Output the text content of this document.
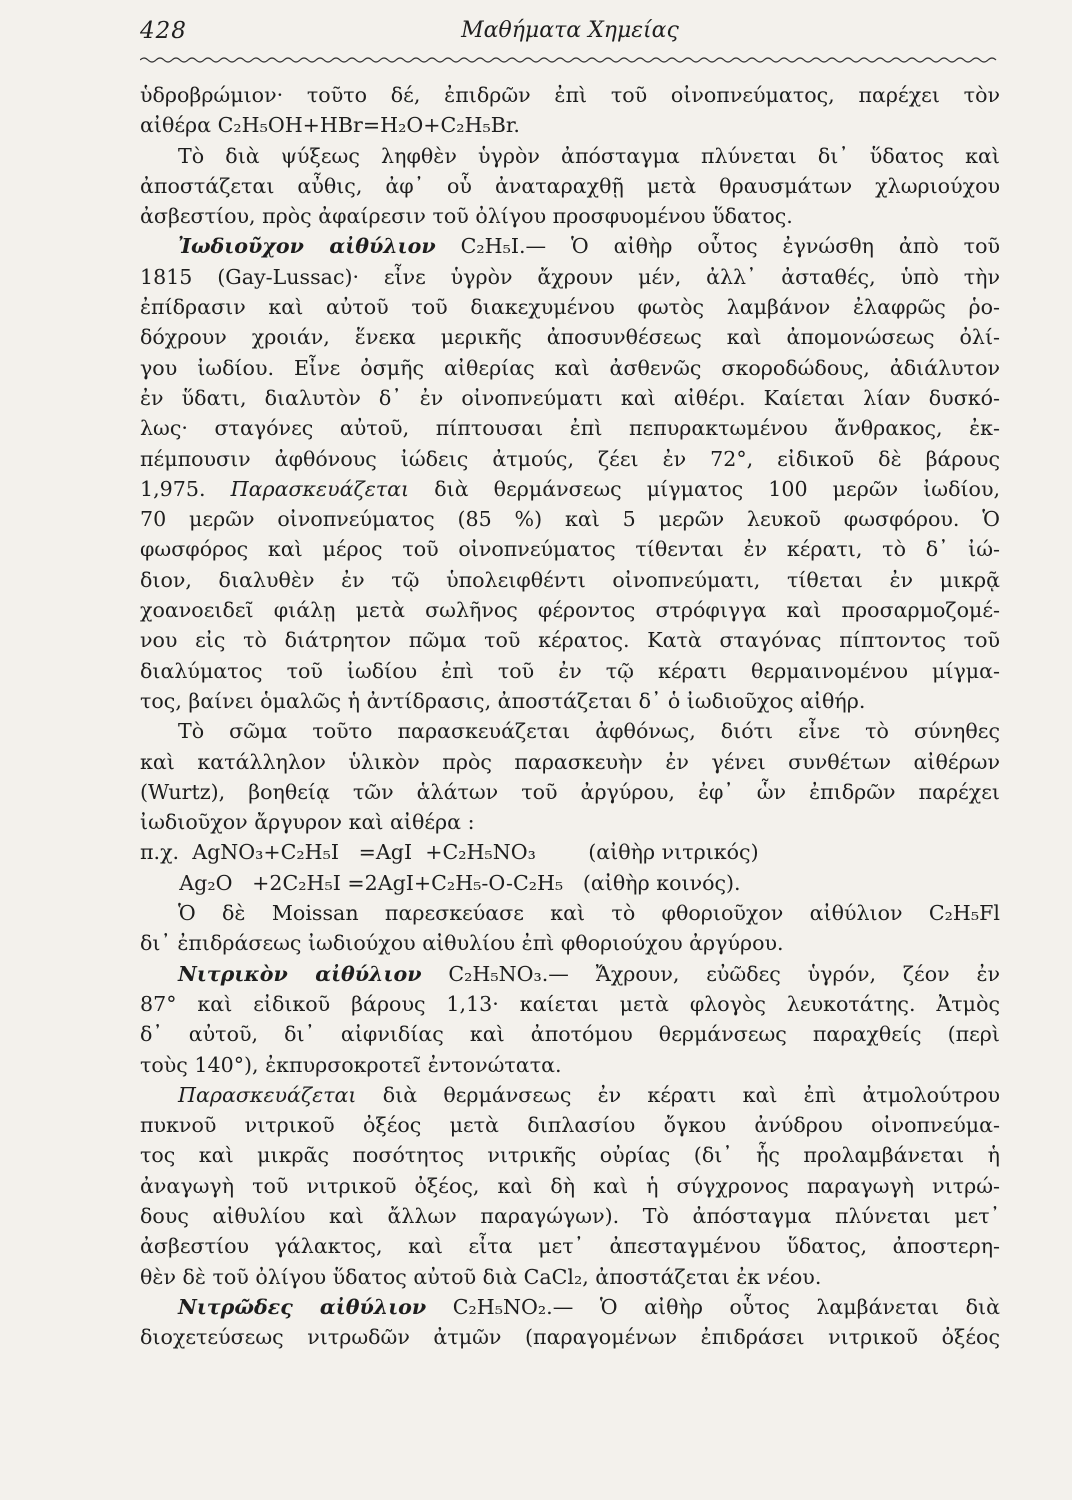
428	Μαθήματα Χημείας
ὑδροβρώμιον· τοῦτο δέ, ἐπιδρῶν ἐπὶ τοῦ οἰνοπνεύματος, παρέχει τὸν
αἰθέρα C₂H₅OH+HBr=H₂O+C₂H₅Br.
Τὸ διὰ ψύξεως ληφθὲν ὑγρὸν ἀπόσταγμα πλύνεται δι᾿ ὕδατος καὶ
ἀποστάζεται αὖθις, ἀφ᾿ οὗ ἀναταραχθῇ μετὰ θραυσμάτων χλωριούχου
ἀσβεστίου, πρὸς ἀφαίρεσιν τοῦ ὀλίγου προσφυομένου ὕδατος.
Ἰωδιοῦχον αἰθύλιον C₂H₅I.— Ὁ αἰθὴρ οὗτος ἐγνώσθη ἀπὸ τοῦ
1815 (Gay-Lussac)· εἶνε ὑγρὸν ἄχρουν μέν, ἀλλ᾿ ἀσταθές, ὑπὸ τὴν
ἐπίδρασιν καὶ αὐτοῦ τοῦ διακεχυμένου φωτὸς λαμβάνον ἐλαφρῶς ῥο-
δόχρουν χροιάν, ἕνεκα μερικῆς ἀποσυνθέσεως καὶ ἀπομονώσεως ὀλί-
γου ἰωδίου. Εἶνε ὀσμῆς αἰθερίας καὶ ἀσθενῶς σκοροδώδους, ἀδιάλυτον
ἐν ὕδατι, διαλυτὸν δ᾿ ἐν οἰνοπνεύματι καὶ αἰθέρι. Καίεται λίαν δυσκό-
λως· σταγόνες αὐτοῦ, πίπτουσαι ἐπὶ πεπυρακτωμένου ἄνθρακος, ἐκ-
πέμπουσιν ἀφθόνους ἰώδεις ἀτμούς, ζέει ἐν 72°, εἰδικοῦ δὲ βάρους
1,975. Παρασκευάζεται διὰ θερμάνσεως μίγματος 100 μερῶν ἰωδίου,
70 μερῶν οἰνοπνεύματος (85 %) καὶ 5 μερῶν λευκοῦ φωσφόρου. Ὁ
φωσφόρος καὶ μέρος τοῦ οἰνοπνεύματος τίθενται ἐν κέρατι, τὸ δ᾿ ἰώ-
διον, διαλυθὲν ἐν τῷ ὑπολειφθέντι οἰνοπνεύματι, τίθεται ἐν μικρᾷ
χοανοειδεῖ φιάλῃ μετὰ σωλῆνος φέροντος στρόφιγγα καὶ προσαρμοζομέ-
νου εἰς τὸ διάτρητον πῶμα τοῦ κέρατος. Κατὰ σταγόνας πίπτοντος τοῦ
διαλύματος τοῦ ἰωδίου ἐπὶ τοῦ ἐν τῷ κέρατι θερμαινομένου μίγμα-
τος, βαίνει ὁμαλῶς ἡ ἀντίδρασις, ἀποστάζεται δ᾿ ὁ ἰωδιοῦχος αἰθήρ.
Τὸ σῶμα τοῦτο παρασκευάζεται ἀφθόνως, διότι εἶνε τὸ σύνηθες
καὶ κατάλληλον ὑλικὸν πρὸς παρασκευὴν ἐν γένει συνθέτων αἰθέρων
(Wurtz), βοηθείᾳ τῶν ἁλάτων τοῦ ἀργύρου, ἐφ᾿ ὧν ἐπιδρῶν παρέχει
ἰωδιοῦχον ἄργυρον καὶ αἰθέρα :
π.χ.  AgNO₃+C₂H₅I   =AgI  +C₂H₅NO₃        (αἰθὴρ νιτρικός)
Ag₂O   +2C₂H₅I =2AgI+C₂H₅-O-C₂H₅   (αἰθὴρ κοινός).
Ὁ δὲ Moissan παρεσκεύασε καὶ τὸ φθοριοῦχον αἰθύλιον C₂H₅Fl
δι᾿ ἐπιδράσεως ἰωδιούχου αἰθυλίου ἐπὶ φθοριούχου ἀργύρου.
Νιτρικὸν αἰθύλιον C₂H₅NO₃.— Ἄχρουν, εὐῶδες ὑγρόν, ζέον ἐν
87° καὶ εἰδικοῦ βάρους 1,13· καίεται μετὰ φλογὸς λευκοτάτης. Ἀτμὸς
δ᾿ αὐτοῦ, δι᾿ αἰφνιδίας καὶ ἀποτόμου θερμάνσεως παραχθείς (περὶ
τοὺς 140°), ἐκπυρσοκροτεῖ ἐντονώτατα.
Παρασκευάζεται διὰ θερμάνσεως ἐν κέρατι καὶ ἐπὶ ἀτμολούτρου
πυκνοῦ νιτρικοῦ ὀξέος μετὰ διπλασίου ὄγκου ἀνύδρου οἰνοπνεύμα-
τος καὶ μικρᾶς ποσότητος νιτρικῆς οὐρίας (δι᾿ ἧς προλαμβάνεται ἡ
ἀναγωγὴ τοῦ νιτρικοῦ ὀξέος, καὶ δὴ καὶ ἡ σύγχρονος παραγωγὴ νιτρώ-
δους αἰθυλίου καὶ ἄλλων παραγώγων). Τὸ ἀπόσταγμα πλύνεται μετ᾿
ἀσβεστίου γάλακτος, καὶ εἶτα μετ᾿ ἀπεσταγμένου ὕδατος, ἀποστερη-
θὲν δὲ τοῦ ὀλίγου ὕδατος αὐτοῦ διὰ CaCl₂, ἀποστάζεται ἐκ νέου.
Νιτρῶδες αἰθύλιον C₂H₅NO₂.— Ὁ αἰθὴρ οὗτος λαμβάνεται διὰ
διοχετεύσεως νιτρωδῶν ἀτμῶν (παραγομένων ἐπιδράσει νιτρικοῦ ὀξέος
